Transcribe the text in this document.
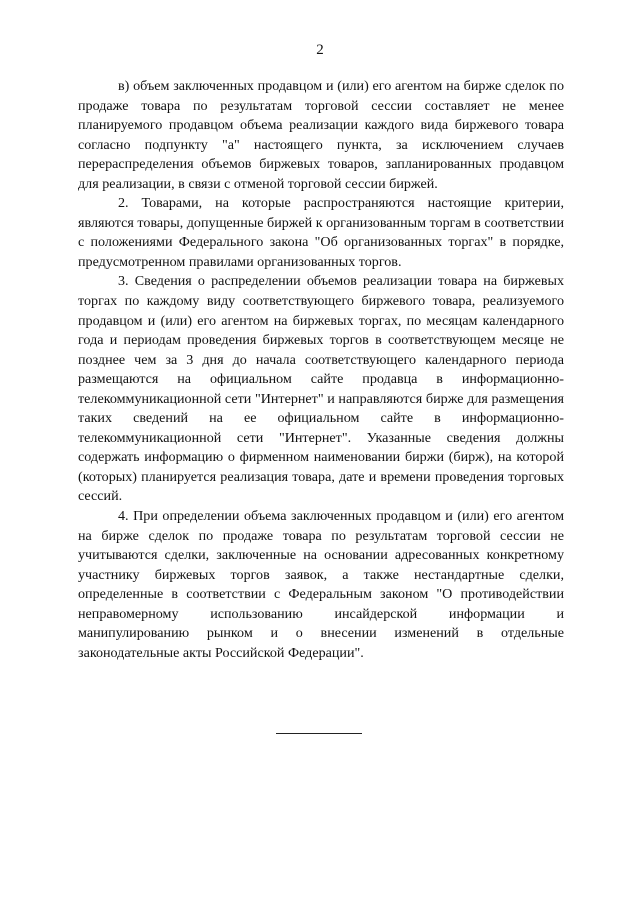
2

в) объем заключенных продавцом и (или) его агентом на бирже сделок по продаже товара по результатам торговой сессии составляет не менее планируемого продавцом объема реализации каждого вида биржевого товара согласно подпункту "а" настоящего пункта, за исключением случаев перераспределения объемов биржевых товаров, запланированных продавцом для реализации, в связи с отменой торговой сессии биржей.

2. Товарами, на которые распространяются настоящие критерии, являются товары, допущенные биржей к организованным торгам в соответствии с положениями Федерального закона "Об организованных торгах" в порядке, предусмотренном правилами организованных торгов.

3. Сведения о распределении объемов реализации товара на биржевых торгах по каждому виду соответствующего биржевого товара, реализуемого продавцом и (или) его агентом на биржевых торгах, по месяцам календарного года и периодам проведения биржевых торгов в соответствующем месяце не позднее чем за 3 дня до начала соответствующего календарного периода размещаются на официальном сайте продавца в информационно-телекоммуникационной сети "Интернет" и направляются бирже для размещения таких сведений на ее официальном сайте в информационно-телекоммуникационной сети "Интернет". Указанные сведения должны содержать информацию о фирменном наименовании биржи (бирж), на которой (которых) планируется реализация товара, дате и времени проведения торговых сессий.

4. При определении объема заключенных продавцом и (или) его агентом на бирже сделок по продаже товара по результатам торговой сессии не учитываются сделки, заключенные на основании адресованных конкретному участнику биржевых торгов заявок, а также нестандартные сделки, определенные в соответствии с Федеральным законом "О противодействии неправомерному использованию инсайдерской информации и манипулированию рынком и о внесении изменений в отдельные законодательные акты Российской Федерации".
